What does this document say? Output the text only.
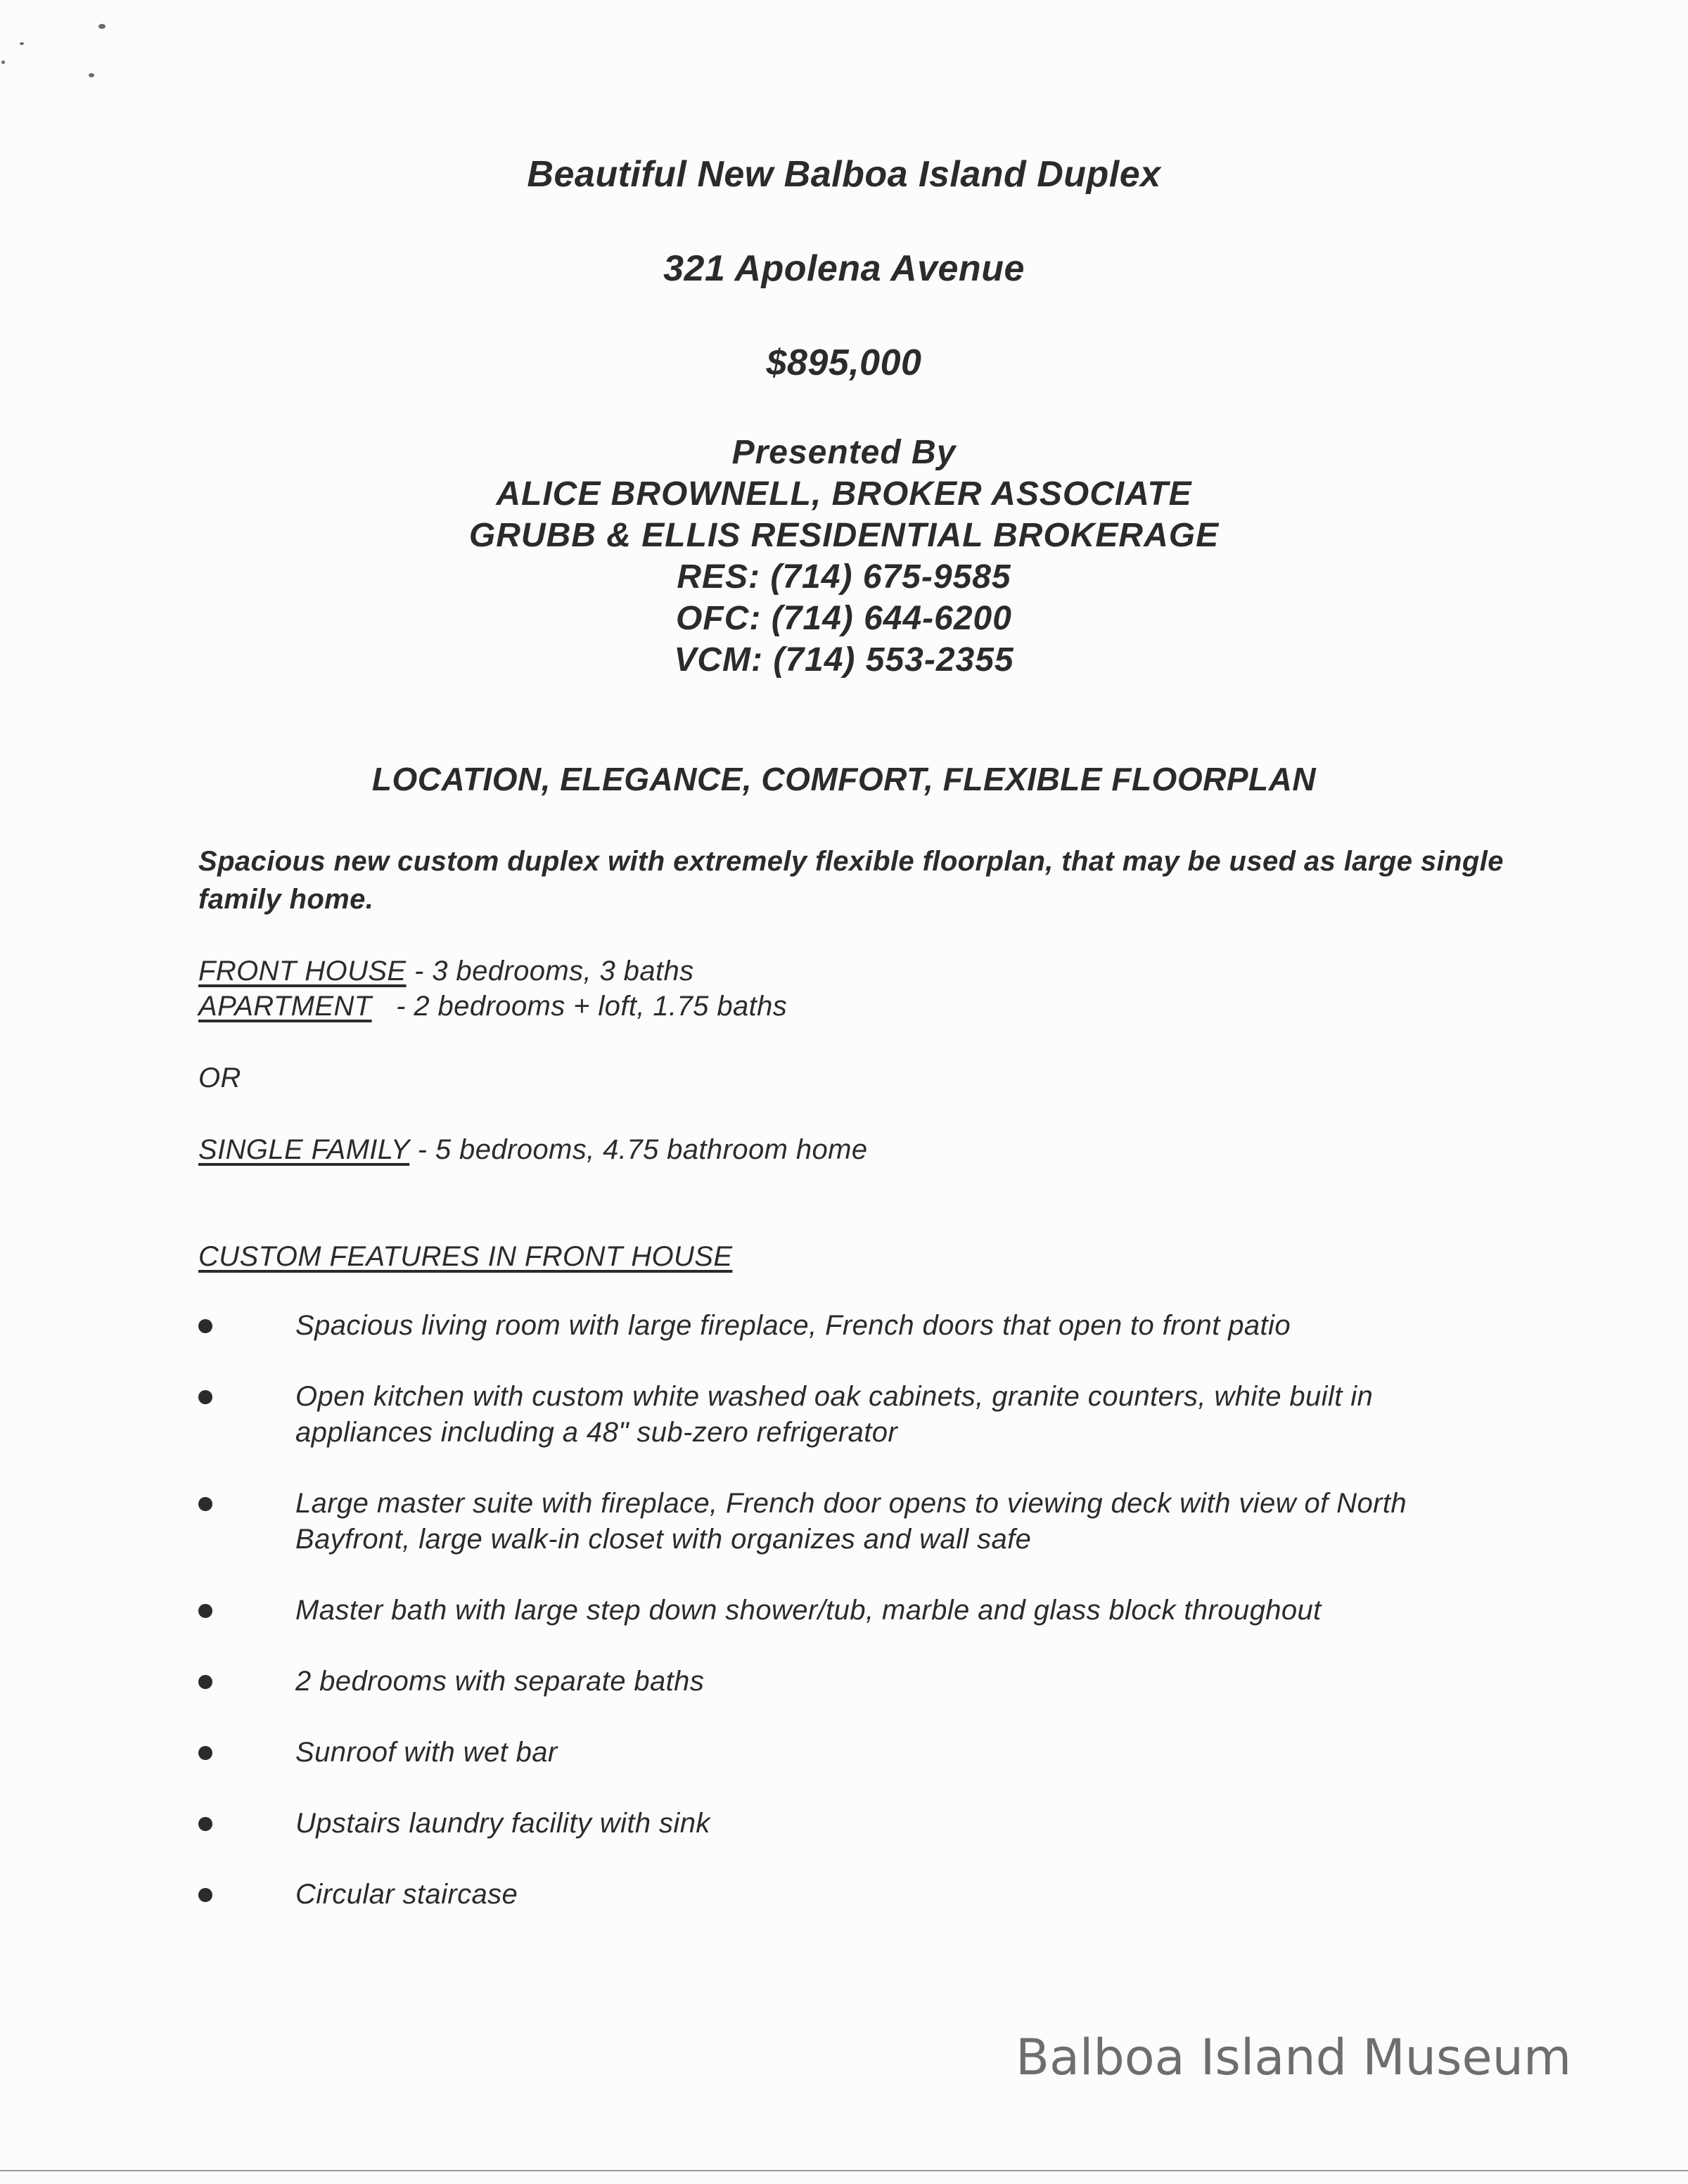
Beautiful New Balboa Island Duplex
321 Apolena Avenue
$895,000
Presented By
ALICE BROWNELL, BROKER ASSOCIATE
GRUBB & ELLIS RESIDENTIAL BROKERAGE
RES: (714) 675-9585
OFC: (714) 644-6200
VCM: (714) 553-2355
LOCATION, ELEGANCE, COMFORT, FLEXIBLE FLOORPLAN
Spacious new custom duplex with extremely flexible floorplan, that may be used as large single family home.
FRONT HOUSE - 3 bedrooms, 3 baths
APARTMENT   - 2 bedrooms + loft, 1.75 baths
OR
SINGLE FAMILY - 5 bedrooms, 4.75 bathroom home
CUSTOM FEATURES IN FRONT HOUSE
Spacious living room with large fireplace, French doors that open to front patio
Open kitchen with custom white washed oak cabinets, granite counters, white built in appliances including a 48" sub-zero refrigerator
Large master suite with fireplace, French door opens to viewing deck with view of North Bayfront, large walk-in closet with organizes and wall safe
Master bath with large step down shower/tub, marble and glass block throughout
2 bedrooms with separate baths
Sunroof with wet bar
Upstairs laundry facility with sink
Circular staircase
Balboa Island Museum
